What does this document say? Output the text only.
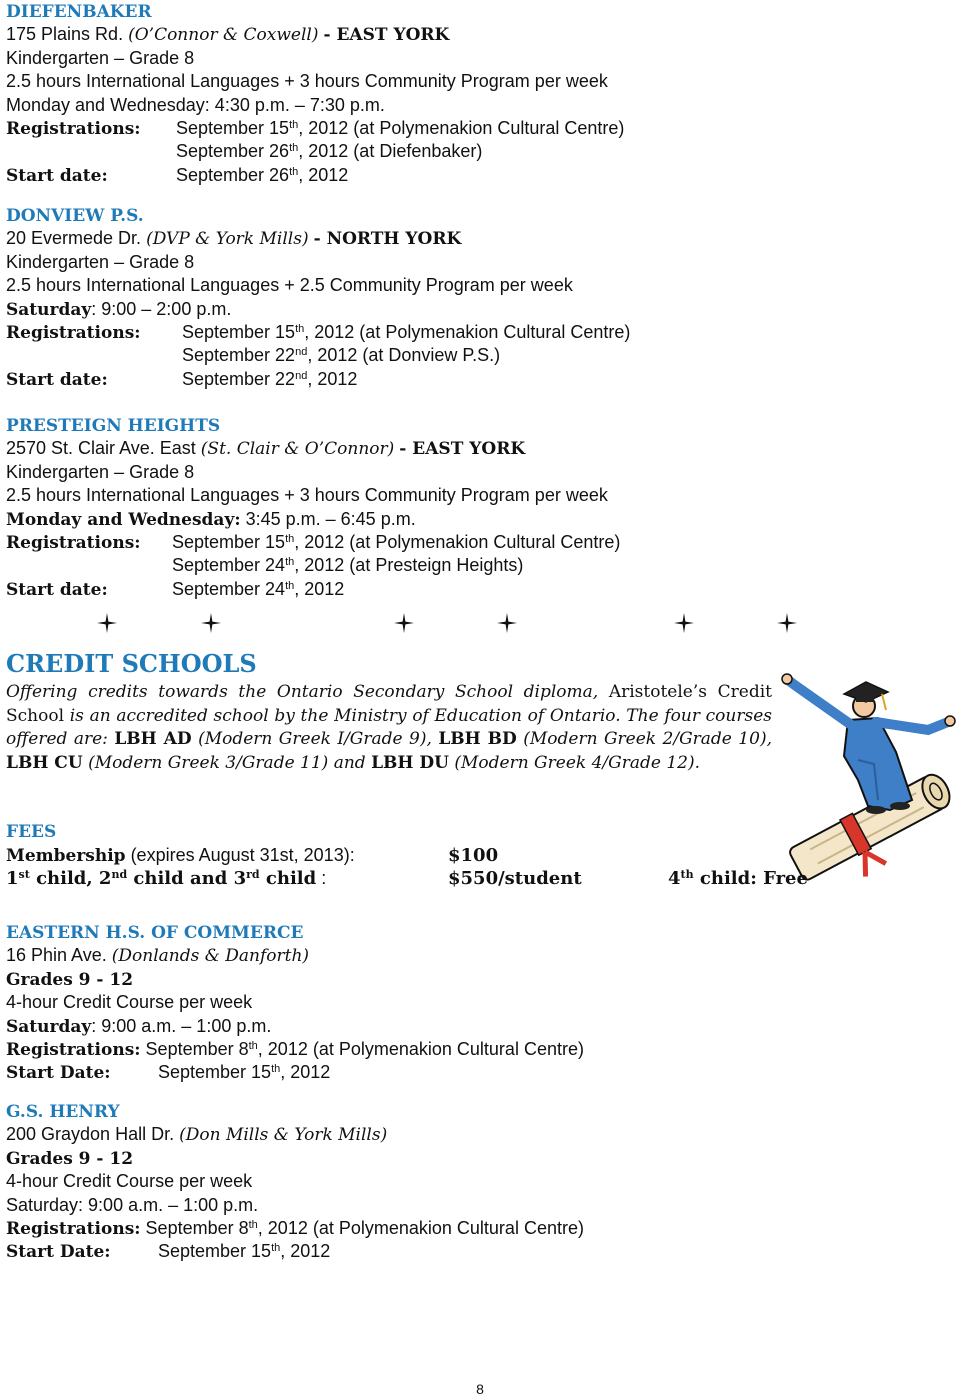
DIEFENBAKER
175 Plains Rd. (O’Connor & Coxwell) - EAST YORK
Kindergarten – Grade 8
2.5 hours International Languages + 3 hours Community Program per week
Monday and Wednesday: 4:30 p.m. – 7:30 p.m.
Registrations: September 15th, 2012 (at Polymenakion Cultural Centre)
September 26th, 2012 (at Diefenbaker)
Start date:	September 26th, 2012
DONVIEW P.S.
20 Evermede Dr. (DVP & York Mills) - NORTH YORK
Kindergarten – Grade 8
2.5 hours International Languages + 2.5 Community Program per week
Saturday: 9:00 – 2:00 p.m.
Registrations: September 15th, 2012 (at Polymenakion Cultural Centre)
September 22nd, 2012 (at Donview P.S.)
Start date:	September 22nd, 2012
PRESTEIGN HEIGHTS
2570 St. Clair Ave. East (St. Clair & O’Connor) - EAST YORK
Kindergarten – Grade 8
2.5 hours International Languages + 3 hours Community Program per week
Monday and Wednesday: 3:45 p.m. – 6:45 p.m.
Registrations: September 15th, 2012 (at Polymenakion Cultural Centre)
September 24th, 2012 (at Presteign Heights)
Start date:	September 24th, 2012
CREDIT SCHOOLS
Offering credits towards the Ontario Secondary School diploma, Aristotele’s Credit School is an accredited school by the Ministry of Education of Ontario. The four courses offered are: LBH AD (Modern Greek I/Grade 9), LBH BD (Modern Greek 2/Grade 10), LBH CU (Modern Greek 3/Grade 11) and LBH DU (Modern Greek 4/Grade 12).
FEES
Membership (expires August 31st, 2013):	$100
1st child, 2nd child and 3rd child :	$550/student	4th child: Free
EASTERN H.S. OF COMMERCE
16 Phin Ave. (Donlands & Danforth)
Grades 9 - 12
4-hour Credit Course per week
Saturday: 9:00 a.m. – 1:00 p.m.
Registrations: September 8th, 2012 (at Polymenakion Cultural Centre)
Start Date:	September 15th, 2012
G.S. HENRY
200 Graydon Hall Dr. (Don Mills & York Mills)
Grades 9 - 12
4-hour Credit Course per week
Saturday: 9:00 a.m. – 1:00 p.m.
Registrations: September 8th, 2012 (at Polymenakion Cultural Centre)
Start Date:	September 15th, 2012
8
